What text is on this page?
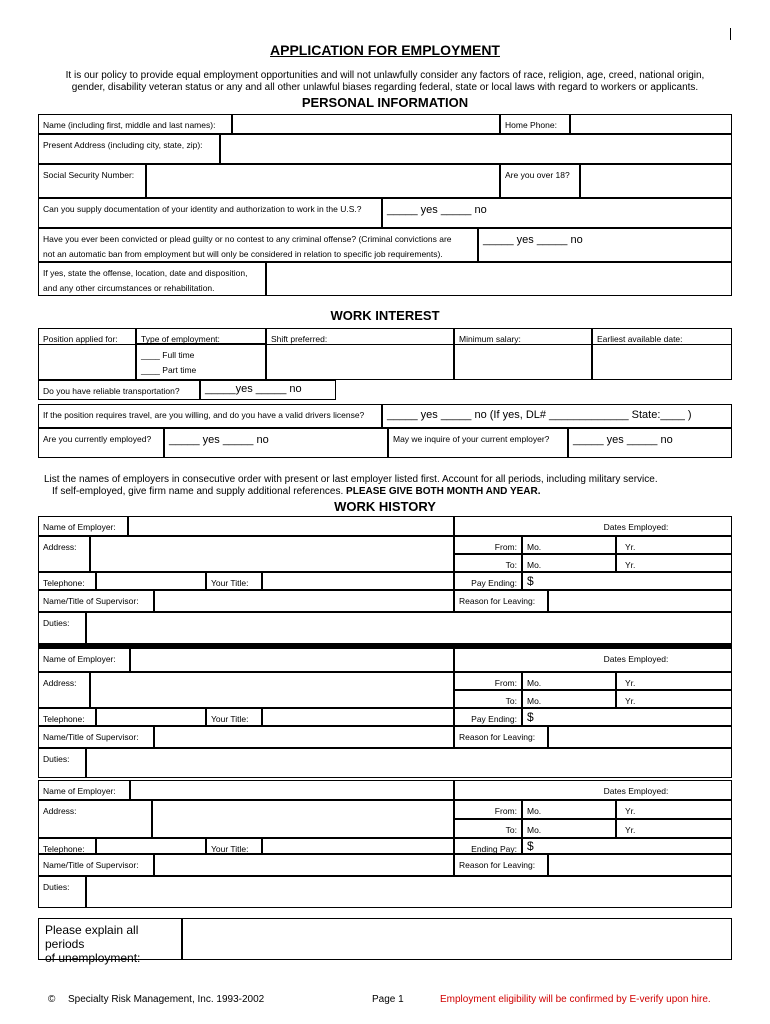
APPLICATION FOR EMPLOYMENT
It is our policy to provide equal employment opportunities and will not unlawfully consider any factors of race, religion, age, creed, national origin,
gender, disability veteran status or any and all other unlawful biases regarding federal, state or local laws with regard to workers or applicants.
PERSONAL INFORMATION
Name (including first, middle and last names):	Home Phone:
Present Address (including city, state, zip):
Social Security Number:	Are you over 18?
Can you supply documentation of your identity and authorization to work in the U.S.?	_____ yes _____ no
Have you ever been convicted or plead guilty or no contest to any criminal offense? (Criminal convictions are
not an automatic ban from employment but will only be considered in relation to specific job requirements).
_____ yes _____ no
If yes, state the offense, location, date and disposition,
and any other circumstances or rehabilitation.
WORK INTEREST
Position applied for:	Type of employment:	Shift preferred:	Minimum salary:	Earliest available date:
____ Full time
____ Part time
Do you have reliable transportation?	_____yes _____ no
If the position requires travel, are you willing, and do you have a valid drivers license?	_____ yes _____ no (If yes, DL# _____________ State:____ )
Are you currently employed?	_____ yes _____ no	May we inquire of your current employer?	_____ yes _____ no
List the names of employers in consecutive order with present or last employer listed first. Account for all periods, including military service.
If self-employed, give firm name and supply additional references. PLEASE GIVE BOTH MONTH AND YEAR.
WORK HISTORY
Name of Employer:	Dates Employed:
Address:	From:	Mo.	Yr.
To:	Mo.	Yr.
Telephone:	Your Title:	Pay Ending: $
Name/Title of Supervisor:	Reason for Leaving:
Duties:
Name of Employer:	Dates Employed:
Address:	From:	Mo.	Yr.
To:	Mo.	Yr.
Telephone:	Your Title:	Pay Ending: $
Name/Title of Supervisor:	Reason for Leaving:
Duties:
Name of Employer:	Dates Employed:
Address:	From:	Mo.	Yr.
To:	Mo.	Yr.
Telephone:	Your Title:	Ending Pay: $
Name/Title of Supervisor:	Reason for Leaving:
Duties:
Please explain all periods
of unemployment:
© Specialty Risk Management, Inc. 1993-2002	Page 1	Employment eligibility will be confirmed by E-verify upon hire.
